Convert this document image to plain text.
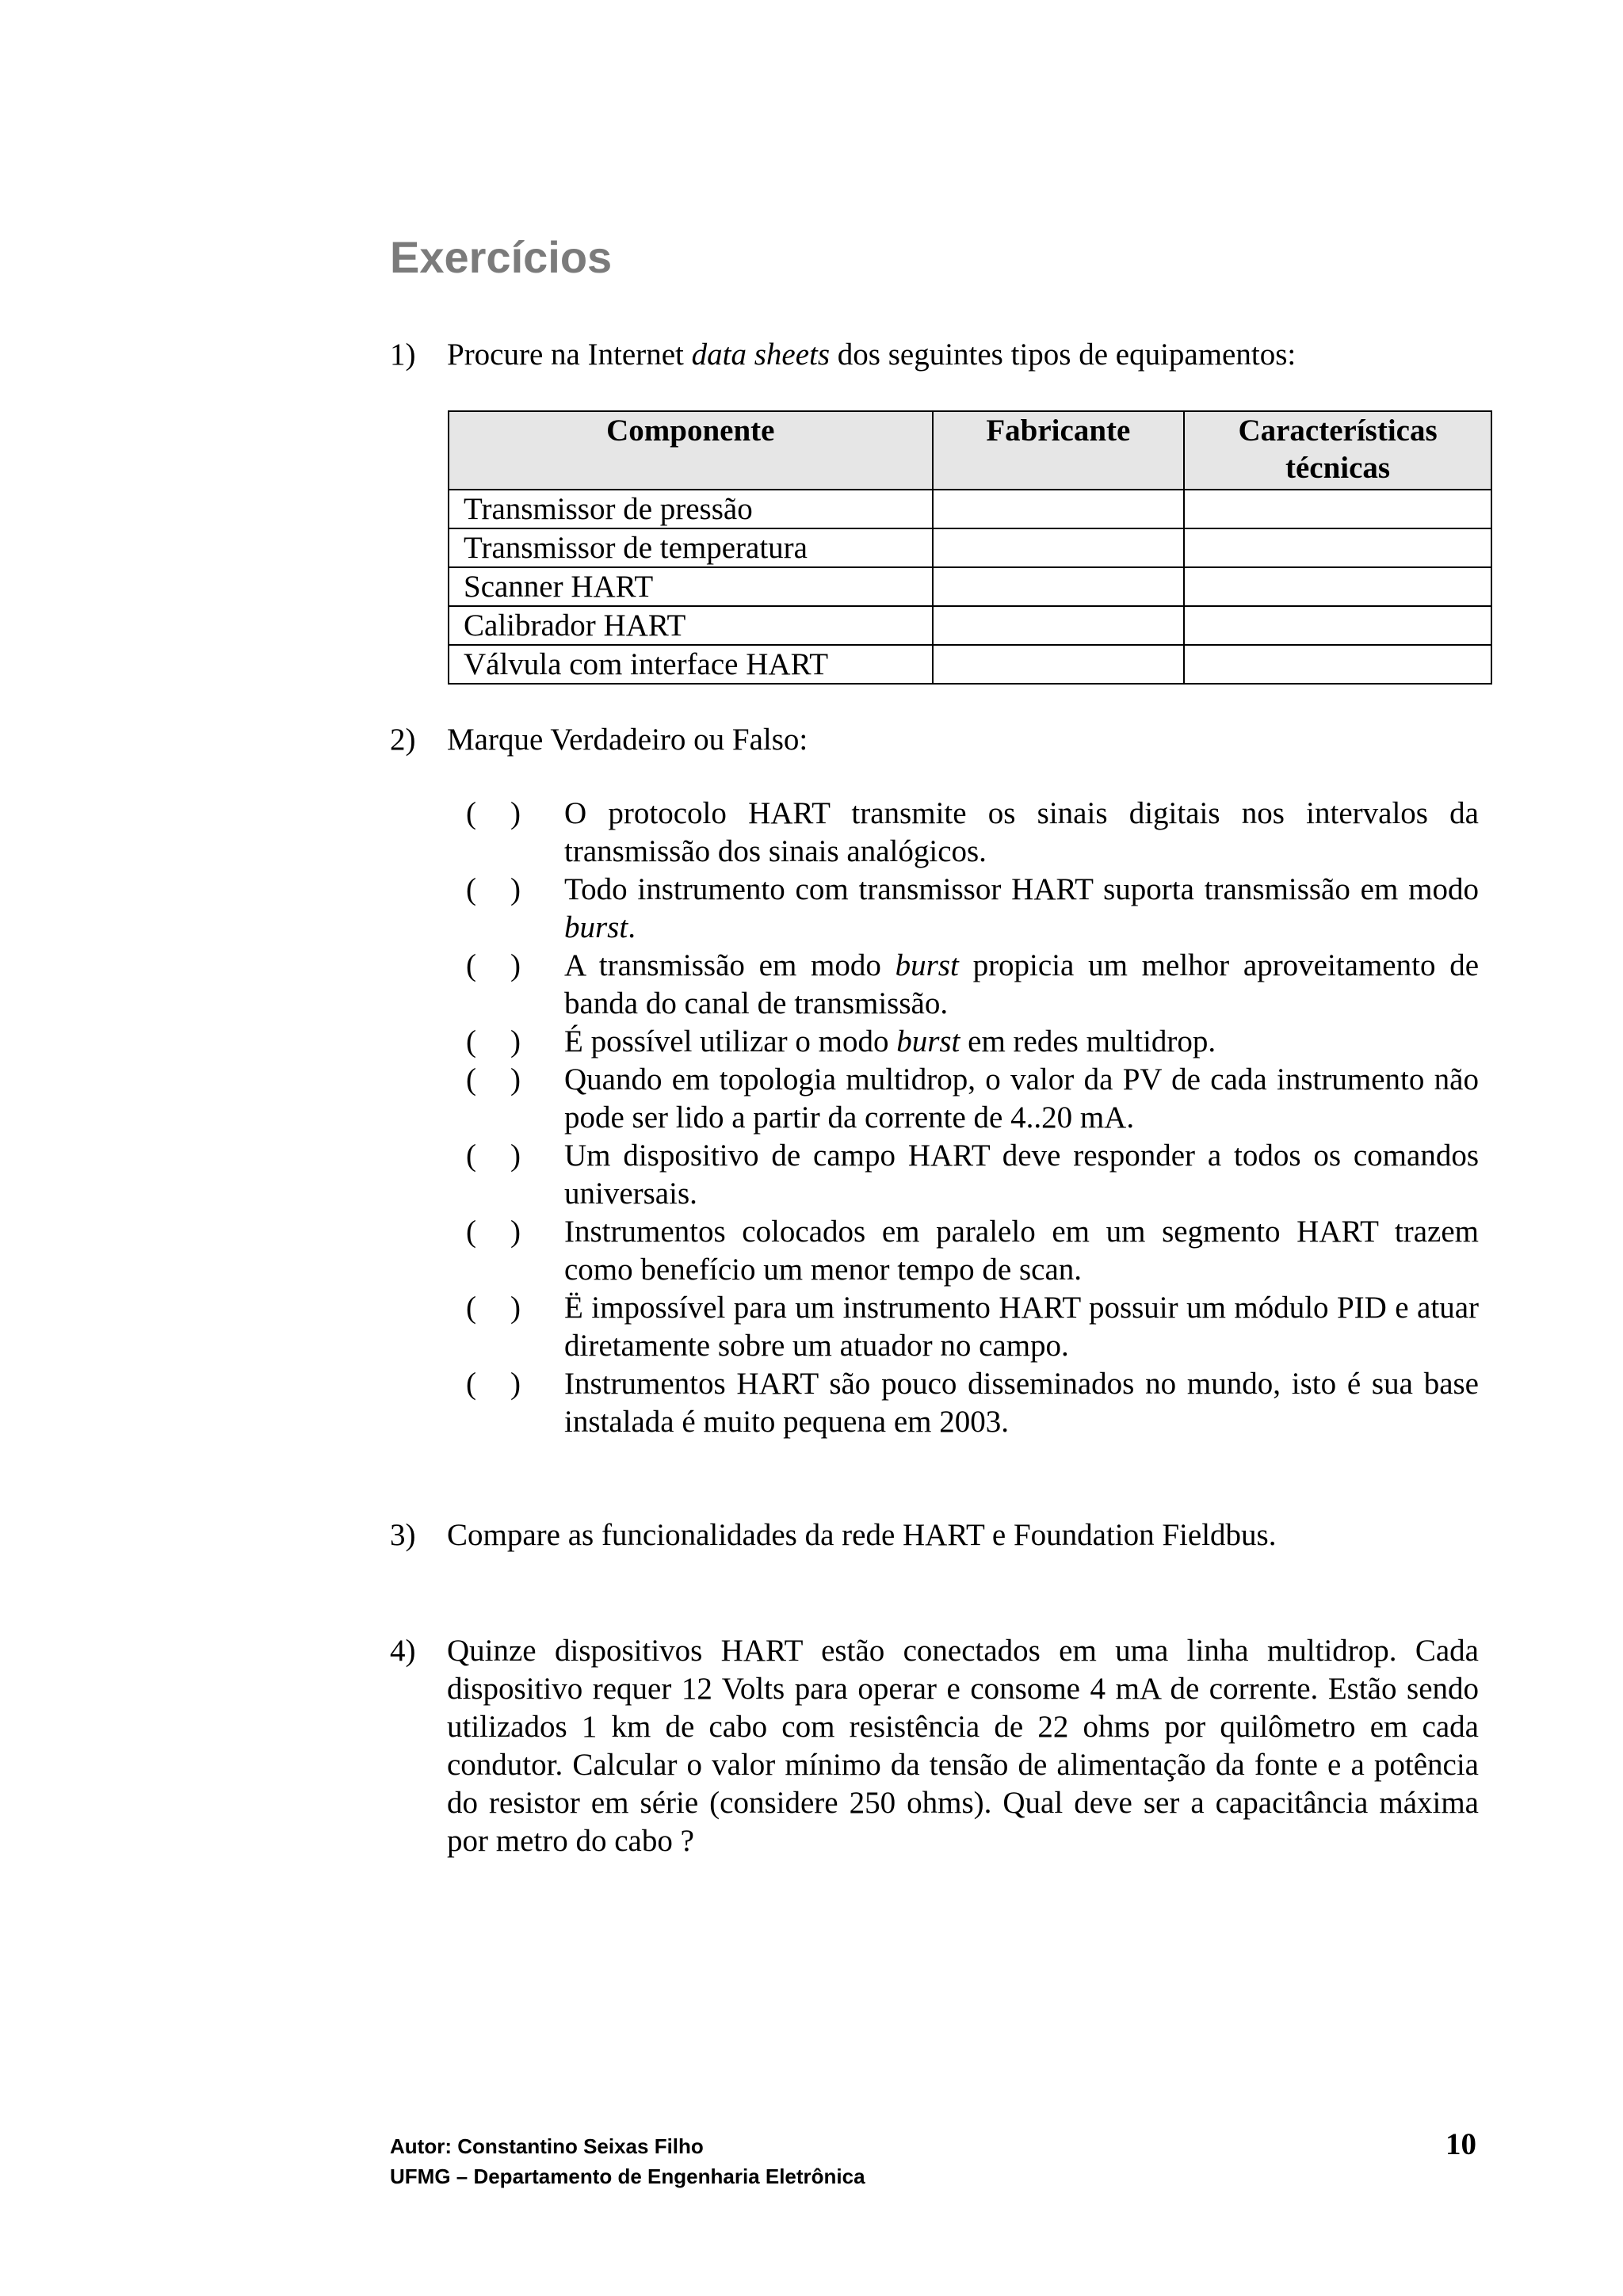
Exercícios
1) Procure na Internet data sheets dos seguintes tipos de equipamentos:
Componente	Fabricante	Características técnicas
Transmissor de pressão		
Transmissor de temperatura		
Scanner HART		
Calibrador HART		
Válvula com interface HART		
2) Marque Verdadeiro ou Falso:
( ) O protocolo HART transmite os sinais digitais nos intervalos da transmissão dos sinais analógicos.
( ) Todo instrumento com transmissor HART suporta transmissão em modo burst.
( ) A transmissão em modo burst propicia um melhor aproveitamento de banda do canal de transmissão.
( ) É possível utilizar o modo burst em redes multidrop.
( ) Quando em topologia multidrop, o valor da PV de cada instrumento não pode ser lido a partir da corrente de 4..20 mA.
( ) Um dispositivo de campo HART deve responder a todos os comandos universais.
( ) Instrumentos colocados em paralelo em um segmento HART trazem como benefício um menor tempo de scan.
( ) Ë impossível para um instrumento HART possuir um módulo PID e atuar diretamente sobre um atuador no campo.
( ) Instrumentos HART são pouco disseminados no mundo, isto é sua base instalada é muito pequena em 2003.
3) Compare as funcionalidades da rede HART e Foundation Fieldbus.
4) Quinze dispositivos HART estão conectados em uma linha multidrop. Cada dispositivo requer 12 Volts para operar e consome 4 mA de corrente. Estão sendo utilizados 1 km de cabo com resistência de 22 ohms por quilômetro em cada condutor. Calcular o valor mínimo da tensão de alimentação da fonte e a potência do resistor em série (considere 250 ohms). Qual deve ser a capacitância máxima por metro do cabo ?
Autor: Constantino Seixas Filho
UFMG – Departamento de Engenharia Eletrônica
10
